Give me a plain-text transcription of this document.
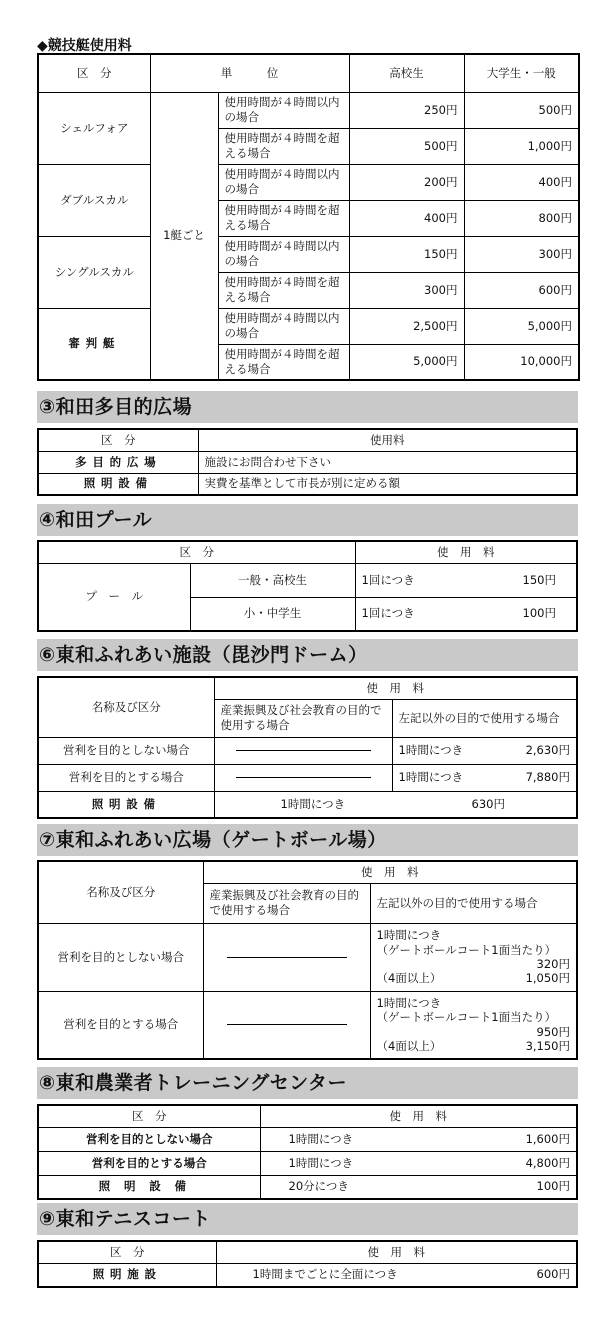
◆競技艇使用料
区　分	単　　　位		高校生	大学生・一般
シェルフォア	1艇ごと	使用時間が４時間以内の場合	250円	500円
		使用時間が４時間を超える場合	500円	1,000円
ダブルスカル		使用時間が４時間以内の場合	200円	400円
		使用時間が４時間を超える場合	400円	800円
シングルスカル		使用時間が４時間以内の場合	150円	300円
		使用時間が４時間を超える場合	300円	600円
審判艇		使用時間が４時間以内の場合	2,500円	5,000円
		使用時間が４時間を超える場合	5,000円	10,000円
③和田多目的広場
区　分	使用料
多目的広場	施設にお問合わせ下さい
照明設備	実費を基準として市長が別に定める額
④和田プール
区　分		使　用　料
プ　ー　ル	一般・高校生	1回につき 150円

	小・中学生	1回につき 100円
⑥東和ふれあい施設（毘沙門ドーム）
名称及び区分	使　用　料	
	産業振興及び社会教育の目的で使用する場合	左記以外の目的で使用する場合
営利を目的としない場合		1時間につき 2,630円

営利を目的とする場合		1時間につき 7,880円

照明設備	1時間につき 630円	
⑦東和ふれあい広場（ゲートボール場）
名称及び区分	使　用　料	
	産業振興及び社会教育の目的で使用する場合	左記以外の目的で使用する場合
営利を目的としない場合		1時間につき
（ゲートボールコート1面当たり）
320円
（4面以上） 1,050円

営利を目的とする場合		1時間につき
（ゲートボールコート1面当たり）
950円
（4面以上） 3,150円
⑧東和農業者トレーニングセンター
区　分	使　用　料
営利を目的としない場合	1時間につき 1,600円

営利を目的とする場合	1時間につき 4,800円

照明設備	20分につき 100円
⑨東和テニスコート
区　分	使　用　料
照明施設	1時間までごとに全面につき 600円
